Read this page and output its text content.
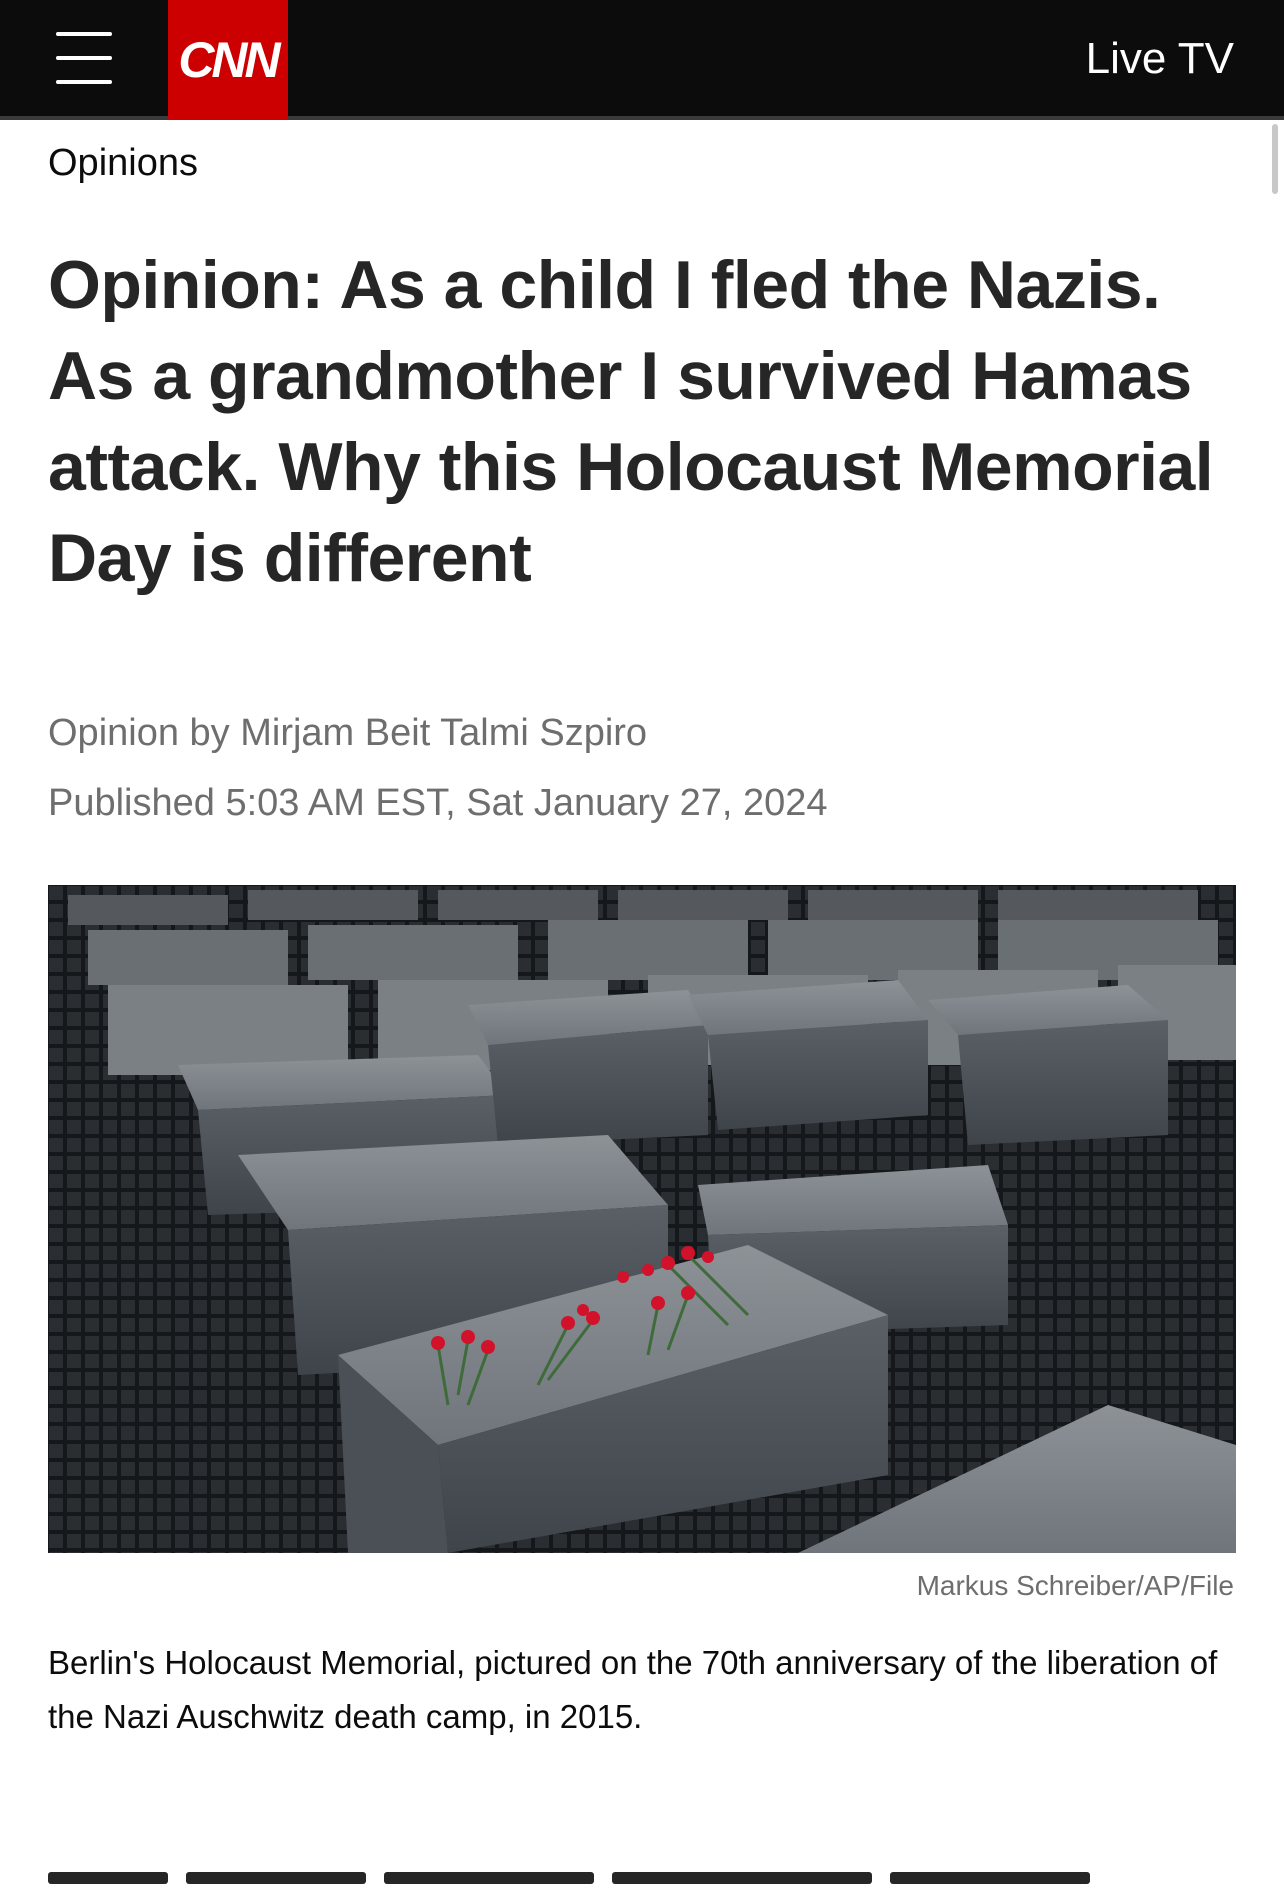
CNN	Live TV
Opinions
Opinion: As a child I fled the Nazis. As a grandmother I survived Hamas attack. Why this Holocaust Memorial Day is different
Opinion by Mirjam Beit Talmi Szpiro
Published 5:03 AM EST, Sat January 27, 2024
Markus Schreiber/AP/File

Berlin's Holocaust Memorial, pictured on the 70th anniversary of the liberation of the Nazi Auschwitz death camp, in 2015.
